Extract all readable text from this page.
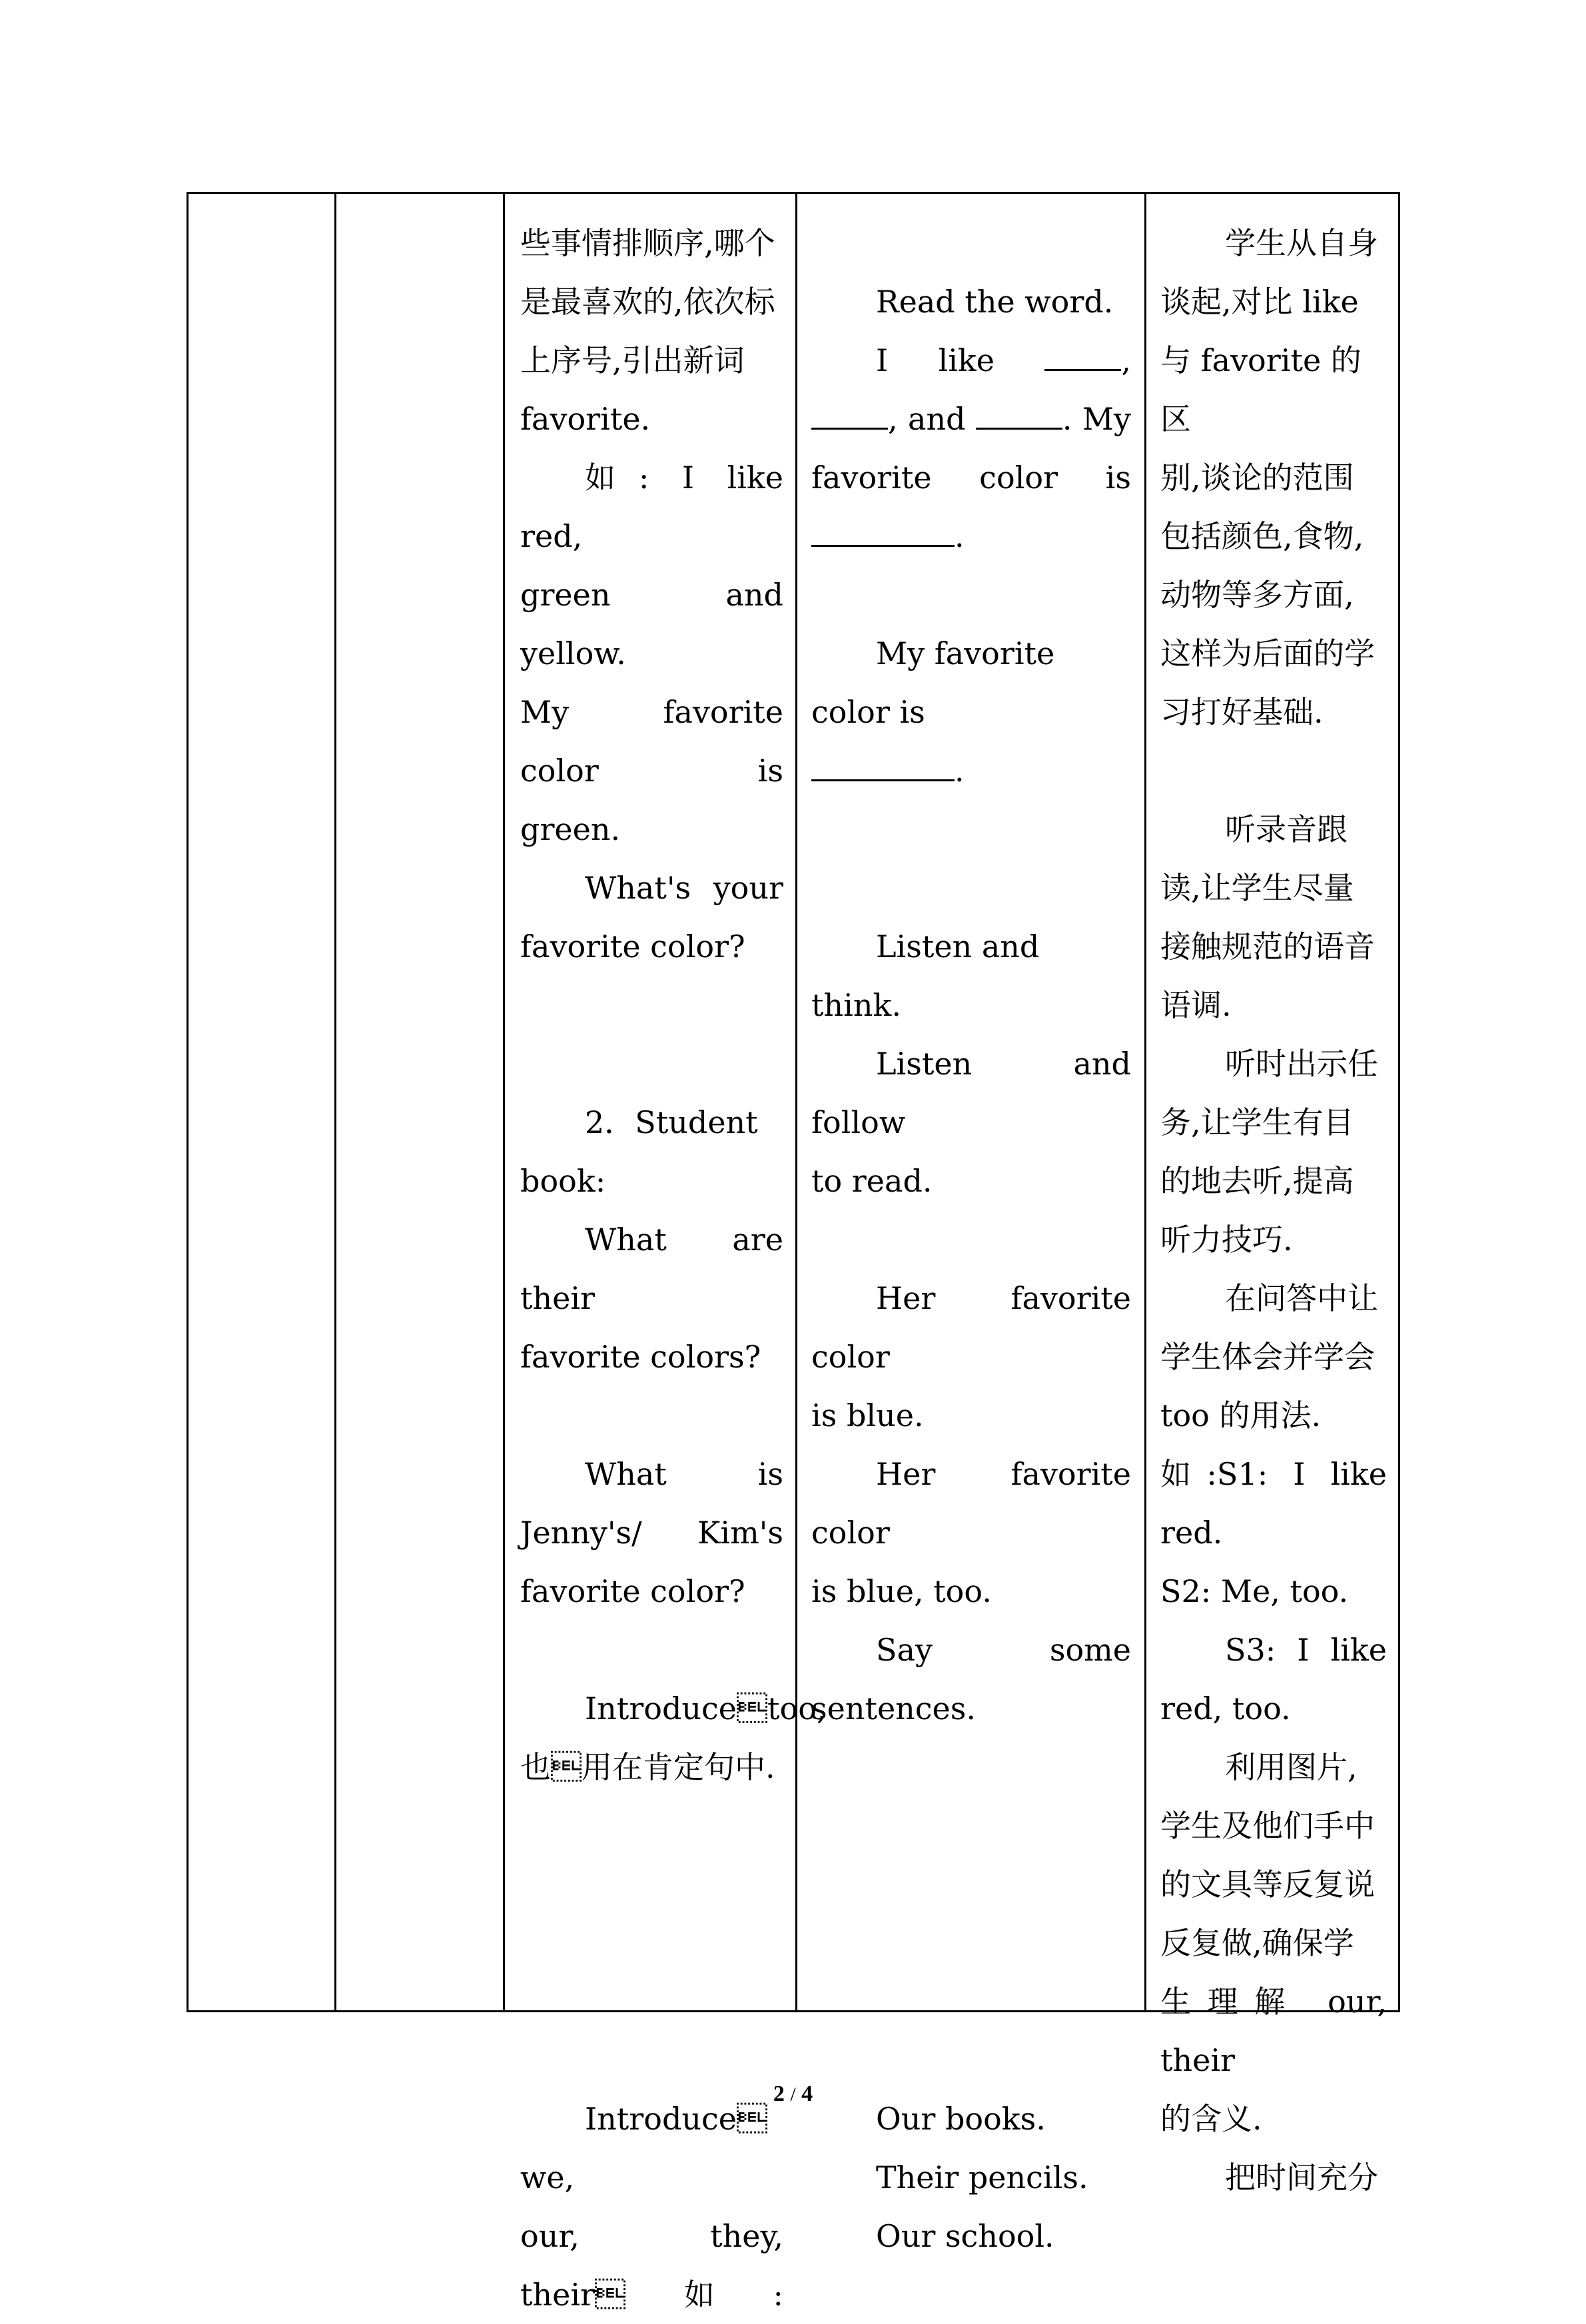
些事情排顺序,哪个

是最喜欢的,依次标

上序号,引出新词

favorite.

如: I like red,

green and yellow.

My favorite color is

green.

What's your

favorite color?

2．Student

book:

What are their

favorite colors?

What is

Jenny's/ Kim's

favorite color?

Introducetoo,

也用在肯定句中.

Introduce we,

our, they, their如:

Read the word.

I like	,

, and	. My

favorite color is

.

My favorite color is

.

Listen and think.

Listen and follow

to read.

Her favorite color

is blue.

Her favorite color

is blue, too.

Say some

sentences.

Our books.

Their pencils.

Our school.

学生从自身

谈起,对比 like

与 favorite 的区

别,谈论的范围

包括颜色,食物,

动物等多方面,

这样为后面的学

习打好基础.

听录音跟

读,让学生尽量

接触规范的语音

语调.

听时出示任

务,让学生有目

的地去听,提高

听力技巧.

在问答中让

学生体会并学会

too 的用法.

如:S1: I like red.

S2: Me, too.

S3: I like

red, too.

利用图片,

学生及他们手中

的文具等反复说

反复做,确保学

生理解 our, their

的含义.

把时间充分

2 / 4
